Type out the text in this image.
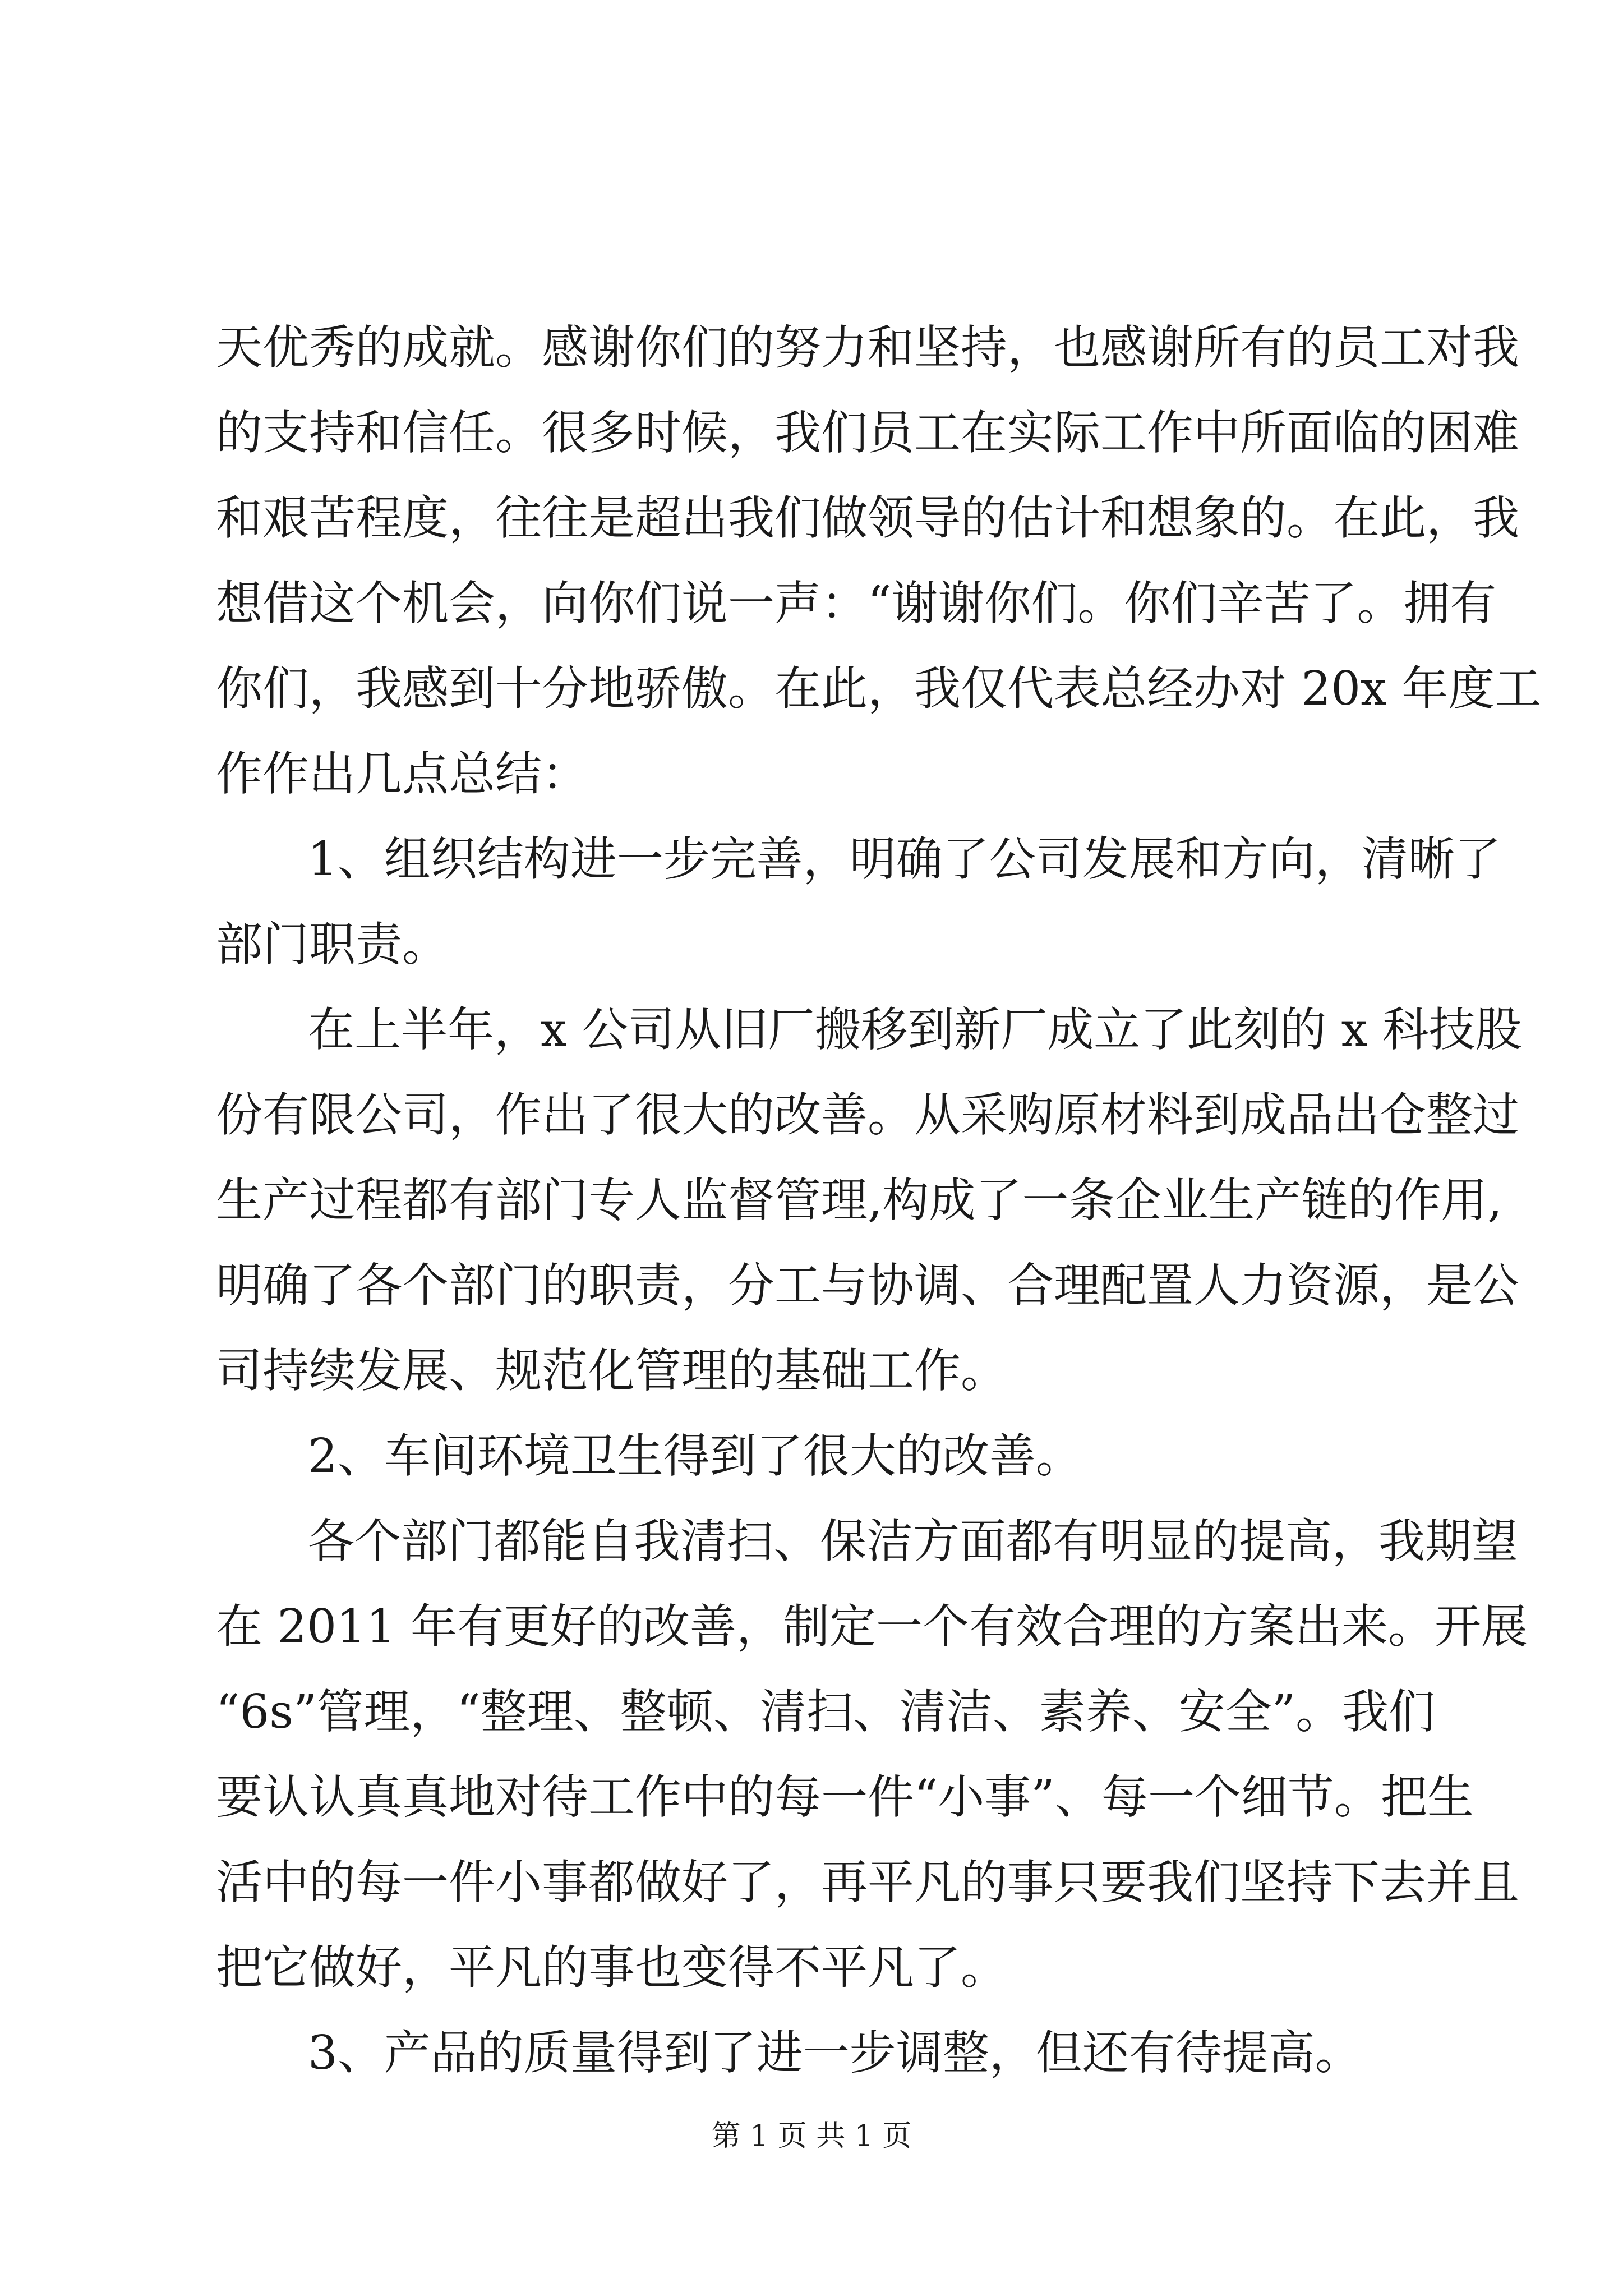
天优秀的成就。感谢你们的努力和坚持，也感谢所有的员工对我
的支持和信任。很多时候，我们员工在实际工作中所面临的困难
和艰苦程度，往往是超出我们做领导的估计和想象的。在此，我
想借这个机会，向你们说一声：“谢谢你们。你们辛苦了。拥有
你们，我感到十分地骄傲。在此，我仅代表总经办对 20x 年度工
作作出几点总结：
1、组织结构进一步完善，明确了公司发展和方向，清晰了
部门职责。
在上半年，x 公司从旧厂搬移到新厂成立了此刻的 x 科技股
份有限公司，作出了很大的改善。从采购原材料到成品出仓整过
生产过程都有部门专人监督管理,构成了一条企业生产链的作用,
明确了各个部门的职责，分工与协调、合理配置人力资源，是公
司持续发展、规范化管理的基础工作。
2、车间环境卫生得到了很大的改善。
各个部门都能自我清扫、保洁方面都有明显的提高，我期望
在 2011 年有更好的改善，制定一个有效合理的方案出来。开展
“6s”管理，“整理、整顿、清扫、清洁、素养、安全”。我们
要认认真真地对待工作中的每一件“小事”、每一个细节。把生
活中的每一件小事都做好了，再平凡的事只要我们坚持下去并且
把它做好，平凡的事也变得不平凡了。
3、产品的质量得到了进一步调整，但还有待提高。
第 1 页 共 1 页
